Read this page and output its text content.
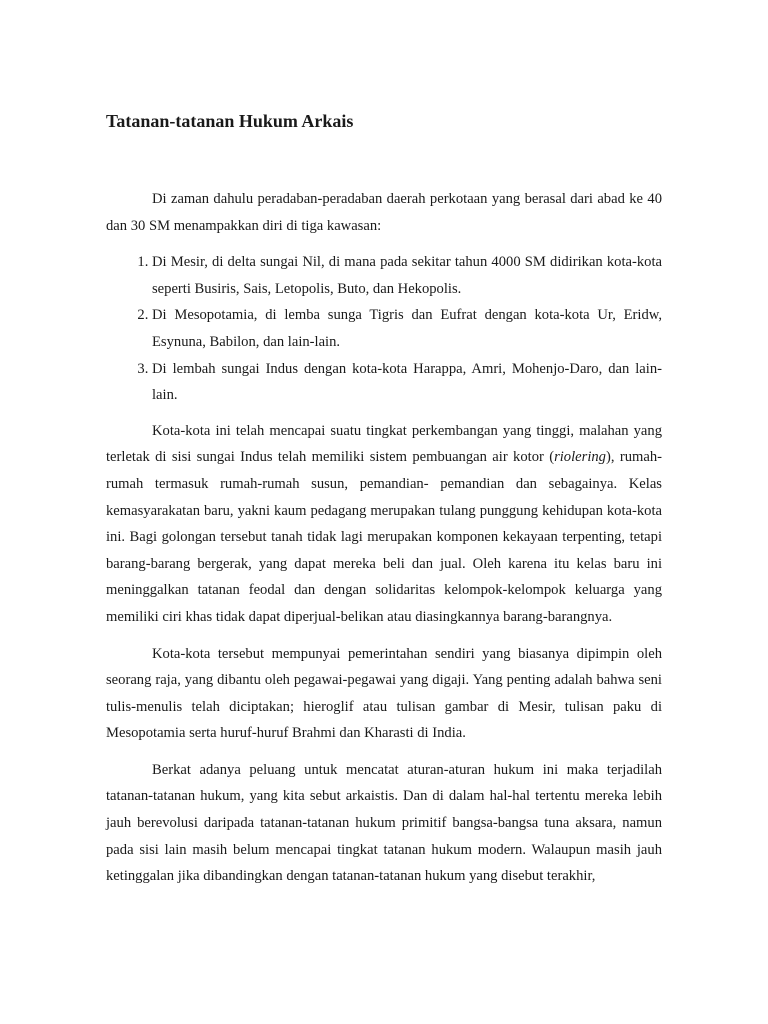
Tatanan-tatanan Hukum Arkais

Di zaman dahulu peradaban-peradaban daerah perkotaan yang berasal dari abad ke 40 dan 30 SM menampakkan diri di tiga kawasan:

1. Di Mesir, di delta sungai Nil, di mana pada sekitar tahun 4000 SM didirikan kota-kota seperti Busiris, Sais, Letopolis, Buto, dan Hekopolis.
2. Di Mesopotamia, di lemba sunga Tigris dan Eufrat dengan kota-kota Ur, Eridw, Esynuna, Babilon, dan lain-lain.
3. Di lembah sungai Indus dengan kota-kota Harappa, Amri, Mohenjo-Daro, dan lain-lain.

Kota-kota ini telah mencapai suatu tingkat perkembangan yang tinggi, malahan yang terletak di sisi sungai Indus telah memiliki sistem pembuangan air kotor (riolering), rumah-rumah termasuk rumah-rumah susun, pemandian- pemandian dan sebagainya. Kelas kemasyarakatan baru, yakni kaum pedagang merupakan tulang punggung kehidupan kota-kota ini. Bagi golongan tersebut tanah tidak lagi merupakan komponen kekayaan terpenting, tetapi barang-barang bergerak, yang dapat mereka beli dan jual. Oleh karena itu kelas baru ini meninggalkan tatanan feodal dan dengan solidaritas kelompok-kelompok keluarga yang memiliki ciri khas tidak dapat diperjual-belikan atau diasingkannya barang-barangnya.

Kota-kota tersebut mempunyai pemerintahan sendiri yang biasanya dipimpin oleh seorang raja, yang dibantu oleh pegawai-pegawai yang digaji. Yang penting adalah bahwa seni tulis-menulis telah diciptakan; hieroglif atau tulisan gambar di Mesir, tulisan paku di Mesopotamia serta huruf-huruf Brahmi dan Kharasti di India.

Berkat adanya peluang untuk mencatat aturan-aturan hukum ini maka terjadilah tatanan-tatanan hukum, yang kita sebut arkaistis. Dan di dalam hal-hal tertentu mereka lebih jauh berevolusi daripada tatanan-tatanan hukum primitif bangsa-bangsa tuna aksara, namun pada sisi lain masih belum mencapai tingkat tatanan hukum modern. Walaupun masih jauh ketinggalan jika dibandingkan dengan tatanan-tatanan hukum yang disebut terakhir,
